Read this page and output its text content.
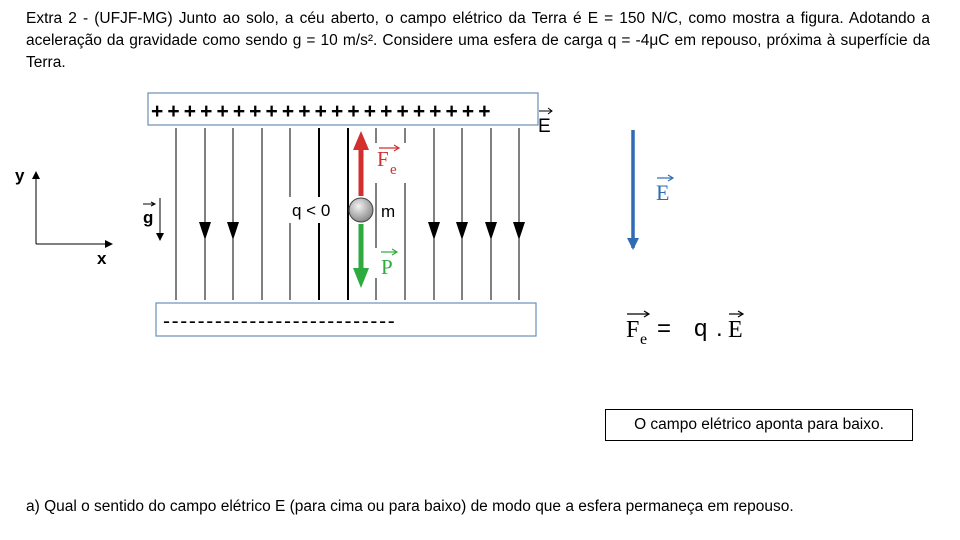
Extra 2 - (UFJF-MG) Junto ao solo, a céu aberto, o campo elétrico da Terra é E = 150 N/C, como mostra a figura. Adotando a aceleração da gravidade como sendo g = 10 m/s². Considere uma esfera de carga q = -4μC em repouso, próxima à superfície da Terra.

+++++++++++++++++++++
E
---------------------------
q < 0	m
F e
P
y
x
g
E
F e = q . E
O campo elétrico aponta para baixo.

a) Qual o sentido do campo elétrico E (para cima ou para baixo) de modo que a esfera permaneça em repouso.
